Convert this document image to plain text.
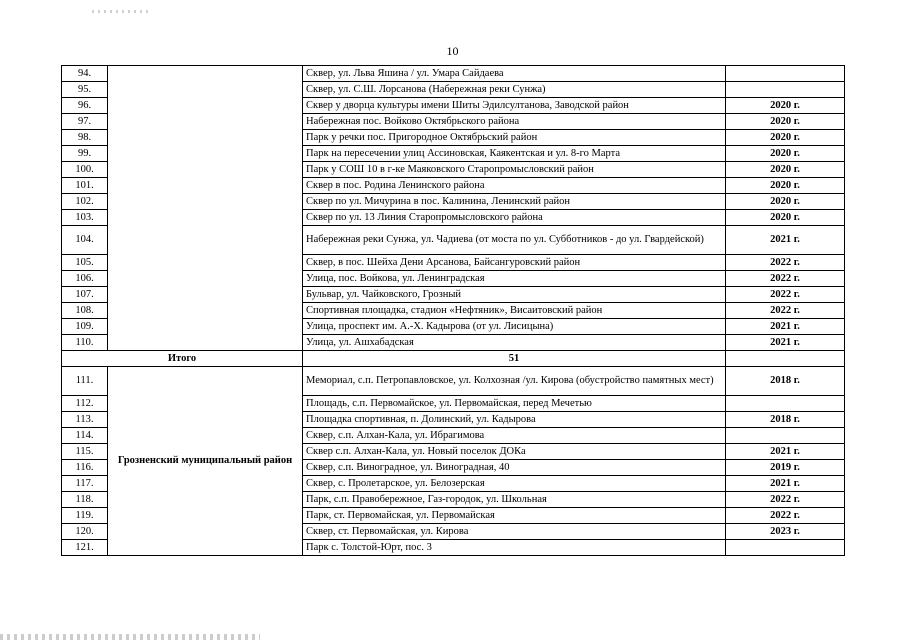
10
94.		Сквер, ул. Льва Яшина / ул. Умара Сайдаева	
95.		Сквер, ул. С.Ш. Лорсанова (Набережная реки Сунжа)	
96.		Сквер у дворца культуры имени Шиты Эдилсултанова, Заводской район	2020 г.
97.		Набережная пос. Войково Октябрьского района	2020 г.
98.		Парк у речки пос. Пригородное Октябрьский район	2020 г.
99.		Парк на пересечении улиц Ассиновская, Каякентская и ул. 8-го Марта	2020 г.
100.		Парк у СОШ 10 в г-ке Маяковского Старопромысловский район	2020 г.
101.		Сквер в пос. Родина Ленинского района	2020 г.
102.		Сквер по ул. Мичурина в пос. Калинина, Ленинский район	2020 г.
103.		Сквер по ул. 13 Линия Старопромысловского района	2020 г.
104.		Набережная реки Сунжа, ул. Чадиева (от моста по ул. Субботников - до ул. Гвардейской)	2021 г.
105.		Сквер, в пос. Шейха Дени Арсанова, Байсангуровский район	2022 г.
106.		Улица, пос. Войкова, ул. Ленинградская	2022 г.
107.		Бульвар, ул. Чайковского, Грозный	2022 г.
108.		Спортивная площадка, стадион «Нефтяник», Висаитовский район	2022 г.
109.		Улица, проспект им. А.-Х. Кадырова (от ул. Лисицына)	2021 г.
110.		Улица, ул. Ашхабадская	2021 г.
Итого		51	
111.	Грозненский муниципальный район	Мемориал, с.п. Петропавловское, ул. Колхозная /ул. Кирова (обустройство памятных мест)	2018 г.
112.		Площадь, с.п. Первомайское, ул. Первомайская, перед Мечетью	
113.		Площадка спортивная, п. Долинский, ул. Кадырова	2018 г.
114.		Сквер, с.п. Алхан-Кала, ул. Ибрагимова	
115.		Сквер с.п. Алхан-Кала, ул. Новый поселок ДОКа	2021 г.
116.		Сквер, с.п. Виноградное, ул. Виноградная, 40	2019 г.
117.		Сквер, с. Пролетарское, ул. Белозерская	2021 г.
118.		Парк, с.п. Правобережное, Газ-городок, ул. Школьная	2022 г.
119.		Парк, ст. Первомайская, ул. Первомайская	2022 г.
120.		Сквер, ст. Первомайская, ул. Кирова	2023 г.
121.		Парк с. Толстой-Юрт, пос. 3	
